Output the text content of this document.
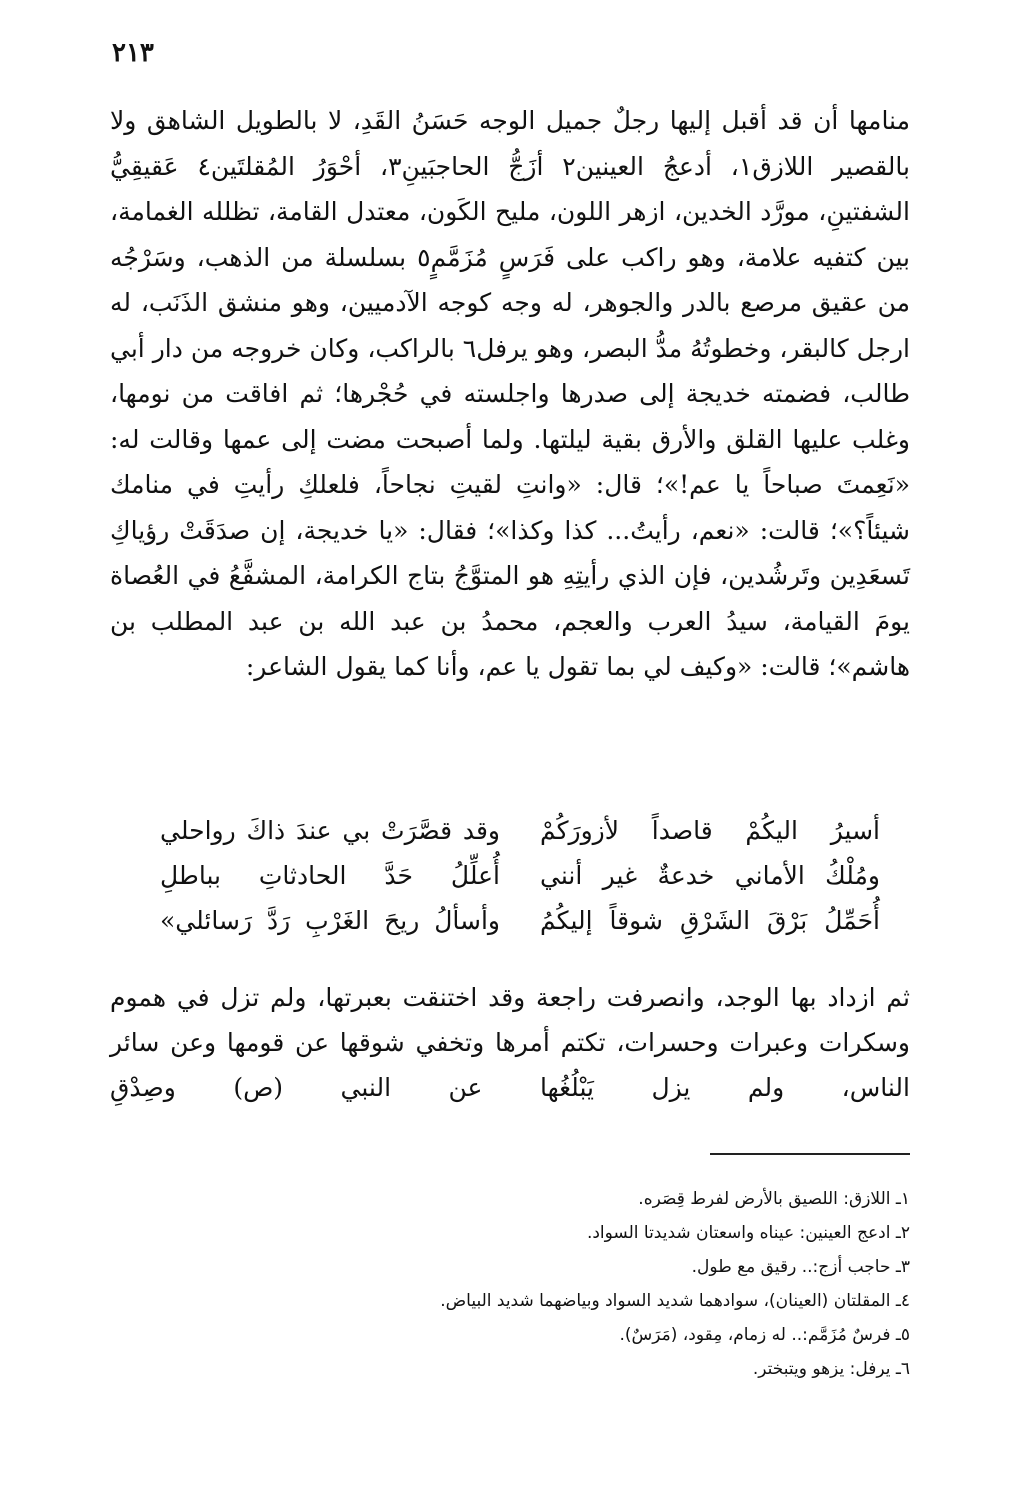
٢١٣

منامها أن قد أقبل إليها رجلٌ جميل الوجه حَسَنُ القَدِ، لا بالطويل الشاهق ولا بالقصير اللازق١، أدعجُ العينين٢ أزَجُّ الحاجبَينِ٣، أحْوَرُ المُقلتَين٤ عَقيقِيُّ الشفتينِ، مورَّد الخدين، ازهر اللون، مليح الكَون، معتدل القامة، تظلله الغمامة، بين كتفيه علامة، وهو راكب على فَرَسٍ مُزَمَّمٍ٥ بسلسلة من الذهب، وسَرْجُه من عقيق مرصع بالدر والجوهر، له وجه كوجه الآدميين، وهو منشق الذَنَب، له ارجل كالبقر، وخطوتُهُ مدُّ البصر، وهو يرفل٦ بالراكب، وكان خروجه من دار أبي طالب، فضمته خديجة إلى صدرها واجلسته في حُجْرها؛ ثم افاقت من نومها، وغلب عليها القلق والأرق بقية ليلتها. ولما أصبحت مضت إلى عمها وقالت له: «نَعِمتَ صباحاً يا عم!»؛ قال: «وانتِ لقيتِ نجاحاً، فلعلكِ رأيتِ في منامك شيئاً؟»؛ قالت: «نعم، رأيتُ... كذا وكذا»؛ فقال: «يا خديجة، إن صدَقَتْ رؤياكِ تَسعَدِين وتَرشُدين، فإن الذي رأيتِهِ هو المتوَّجُ بتاج الكرامة، المشفَّعُ في العُصاة يومَ القيامة، سيدُ العرب والعجم، محمدُ بن عبد الله بن عبد المطلب بن هاشم»؛ قالت: «وكيف لي بما تقول يا عم، وأنا كما يقول الشاعر:

أسيرُ اليكُمْ قاصداً لأزورَكُمْ
وقد قصَّرَتْ بي عندَ ذاكَ رواحلي
ومُلْكُ الأماني خدعةٌ غير أنني
أُعلِّلُ حَدَّ الحادثاتِ بباطلِ
أُحَمِّلُ بَرْقَ الشَرْقِ شوقاً إليكُمُ
وأسألُ ريحَ الغَرْبِ رَدَّ رَسائلي»

ثم ازداد بها الوجد، وانصرفت راجعة وقد اختنقت بعبرتها، ولم تزل في هموم وسكرات وعبرات وحسرات، تكتم أمرها وتخفي شوقها عن قومها وعن سائر الناس، ولم يزل يَبْلُغُها عن النبي (ص) وصِدْقِ

١ـ اللازق: اللصيق بالأرض لفرط قِصَره.
٢ـ ادعج العينين: عيناه واسعتان شديدتا السواد.
٣ـ حاجب أزج:.. رقيق مع طول.
٤ـ المقلتان (العينان)، سوادهما شديد السواد وبياضهما شديد البياض.
٥ـ فرسٌ مُزَمَّم:.. له زمام، مِقود، (مَرَسٌ).
٦ـ يرفل: يزهو ويتبختر.
